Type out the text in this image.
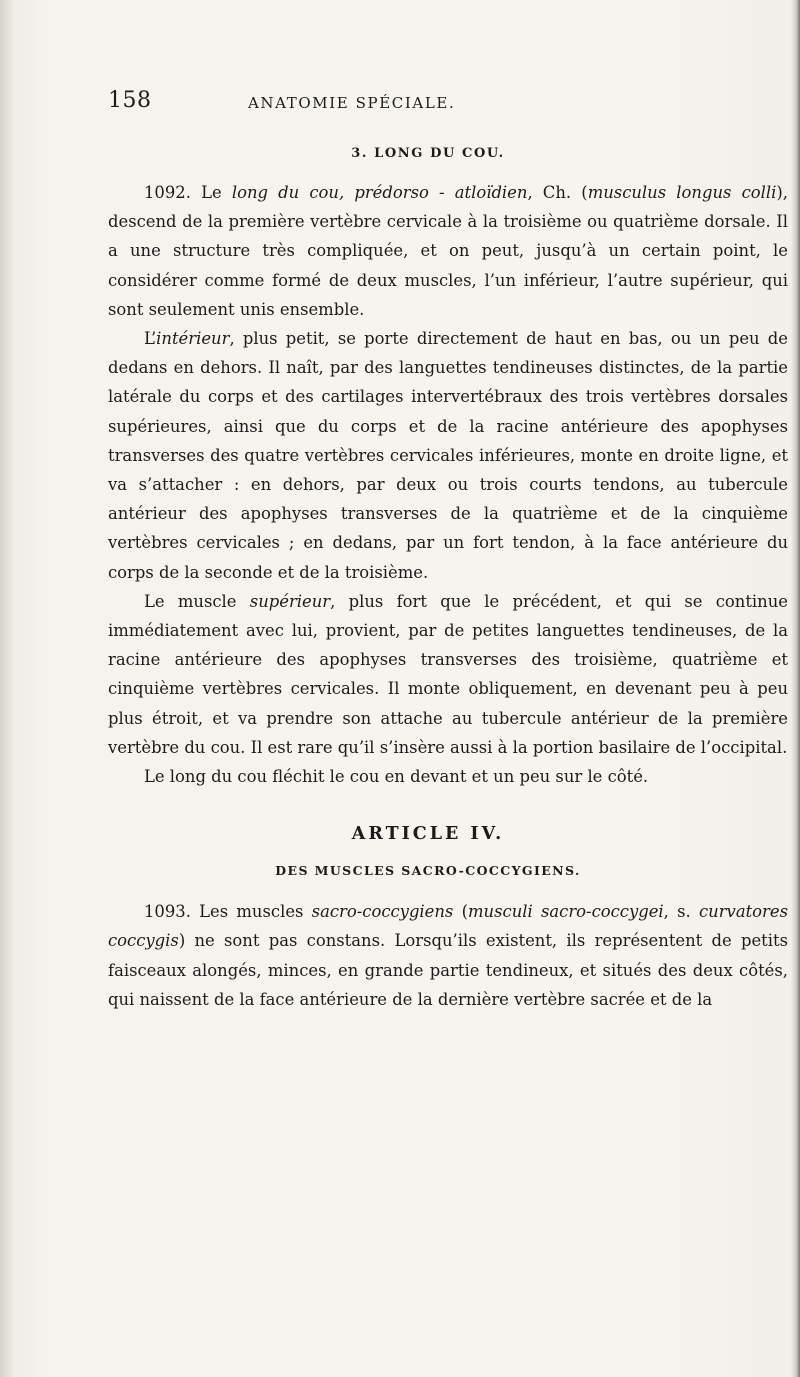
158	ANATOMIE SPÉCIALE.
3. LONG DU COU.

1092. Le long du cou, prédorso - atloïdien, Ch. (musculus longus colli), descend de la première vertèbre cervicale à la troisième ou quatrième dorsale. Il a une structure très compliquée, et on peut, jusqu’à un certain point, le considérer comme formé de deux muscles, l’un inférieur, l’autre supérieur, qui sont seulement unis ensemble.

L’intérieur, plus petit, se porte directement de haut en bas, ou un peu de dedans en dehors. Il naît, par des languettes tendineuses distinctes, de la partie latérale du corps et des cartilages intervertébraux des trois vertèbres dorsales supérieures, ainsi que du corps et de la racine antérieure des apophyses transverses des quatre vertèbres cervicales inférieures, monte en droite ligne, et va s’attacher : en dehors, par deux ou trois courts tendons, au tubercule antérieur des apophyses transverses de la quatrième et de la cinquième vertèbres cervicales ; en dedans, par un fort tendon, à la face antérieure du corps de la seconde et de la troisième.

Le muscle supérieur, plus fort que le précédent, et qui se continue immédiatement avec lui, provient, par de petites languettes tendineuses, de la racine antérieure des apophyses transverses des troisième, quatrième et cinquième vertèbres cervicales. Il monte obliquement, en devenant peu à peu plus étroit, et va prendre son attache au tubercule antérieur de la première vertèbre du cou. Il est rare qu’il s’insère aussi à la portion basilaire de l’occipital.

Le long du cou fléchit le cou en devant et un peu sur le côté.

ARTICLE IV.
DES MUSCLES SACRO-COCCYGIENS.

1093. Les muscles sacro-coccygiens (musculi sacro-coccygei, s. curvatores coccygis) ne sont pas constans. Lorsqu’ils existent, ils représentent de petits faisceaux alongés, minces, en grande partie tendineux, et situés des deux côtés, qui naissent de la face antérieure de la dernière vertèbre sacrée et de la
